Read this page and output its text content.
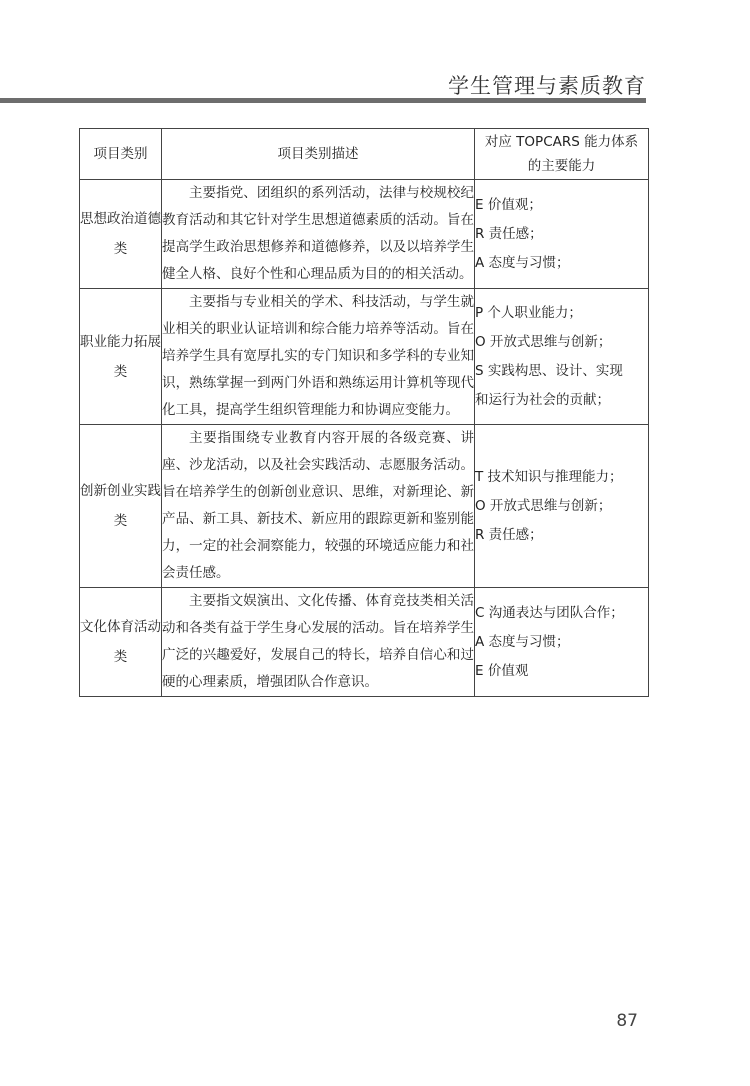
学生管理与素质教育
项目类别	项目类别描述	对应 TOPCARS 能力体系
的主要能力

思想政治道德类	主要指党、团组织的系列活动，法律与校规校纪教育活动和其它针对学生思想道德素质的活动。旨在提高学生政治思想修养和道德修养，以及以培养学生健全人格、良好个性和心理品质为目的的相关活动。	E 价值观；
R 责任感；
A 态度与习惯；

职业能力拓展类	主要指与专业相关的学术、科技活动，与学生就业相关的职业认证培训和综合能力培养等活动。旨在培养学生具有宽厚扎实的专门知识和多学科的专业知识，熟练掌握一到两门外语和熟练运用计算机等现代化工具，提高学生组织管理能力和协调应变能力。	P 个人职业能力；
O 开放式思维与创新；
S 实践构思、设计、实现
和运行为社会的贡献；

创新创业实践类	主要指围绕专业教育内容开展的各级竞赛、讲座、沙龙活动，以及社会实践活动、志愿服务活动。旨在培养学生的创新创业意识、思维，对新理论、新产品、新工具、新技术、新应用的跟踪更新和鉴别能力，一定的社会洞察能力，较强的环境适应能力和社会责任感。	T 技术知识与推理能力；
O 开放式思维与创新；
R 责任感；

文化体育活动类	主要指文娱演出、文化传播、体育竞技类相关活动和各类有益于学生身心发展的活动。旨在培养学生广泛的兴趣爱好，发展自己的特长，培养自信心和过硬的心理素质，增强团队合作意识。	C 沟通表达与团队合作；
A 态度与习惯；
E 价值观
87
